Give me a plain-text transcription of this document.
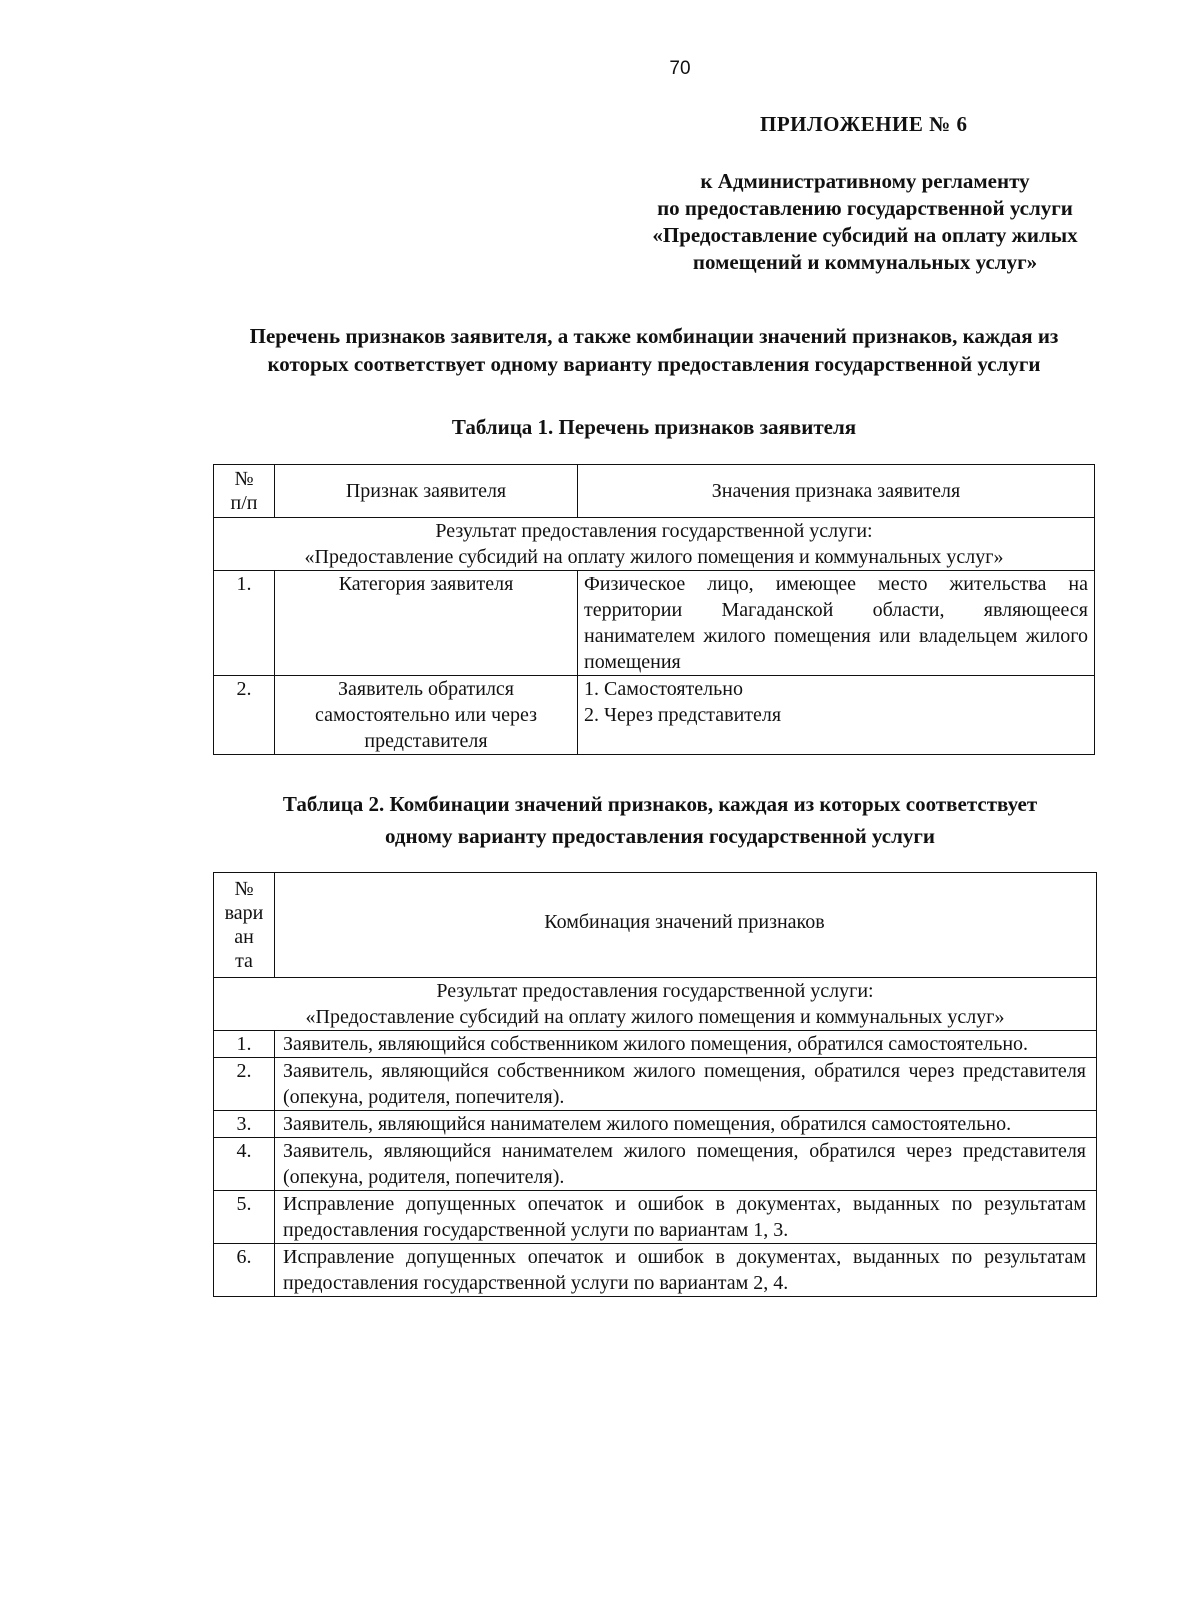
70
ПРИЛОЖЕНИЕ № 6
к Административному регламенту
по предоставлению государственной услуги
«Предоставление субсидий на оплату жилых
помещений и коммунальных услуг»
Перечень признаков заявителя, а также комбинации значений признаков, каждая из
которых соответствует одному варианту предоставления государственной услуги
Таблица 1. Перечень признаков заявителя
№
п/п	Признак заявителя	Значения признака заявителя

Результат предоставления государственной услуги:
«Предоставление субсидий на оплату жилого помещения и коммунальных услуг»		

1.	Категория заявителя	Физическое лицо, имеющее место жительства на территории Магаданской области, являющееся нанимателем жилого помещения или владельцем жилого помещения
2.	Заявитель обратился самостоятельно или через представителя	1. Самостоятельно
2. Через представителя
Таблица 2. Комбинации значений признаков, каждая из которых соответствует
одному варианту предоставления государственной услуги
№
вари
ан
та	Комбинация значений признаков

Результат предоставления государственной услуги:
«Предоставление субсидий на оплату жилого помещения и коммунальных услуг»	

1.	Заявитель, являющийся собственником жилого помещения, обратился самостоятельно.
2.	Заявитель, являющийся собственником жилого помещения, обратился через представителя (опекуна, родителя, попечителя).
3.	Заявитель, являющийся нанимателем жилого помещения, обратился самостоятельно.
4.	Заявитель, являющийся нанимателем жилого помещения, обратился через представителя (опекуна, родителя, попечителя).
5.	Исправление допущенных опечаток и ошибок в документах, выданных по результатам предоставления государственной услуги по вариантам 1, 3.
6.	Исправление допущенных опечаток и ошибок в документах, выданных по результатам предоставления государственной услуги по вариантам 2, 4.
